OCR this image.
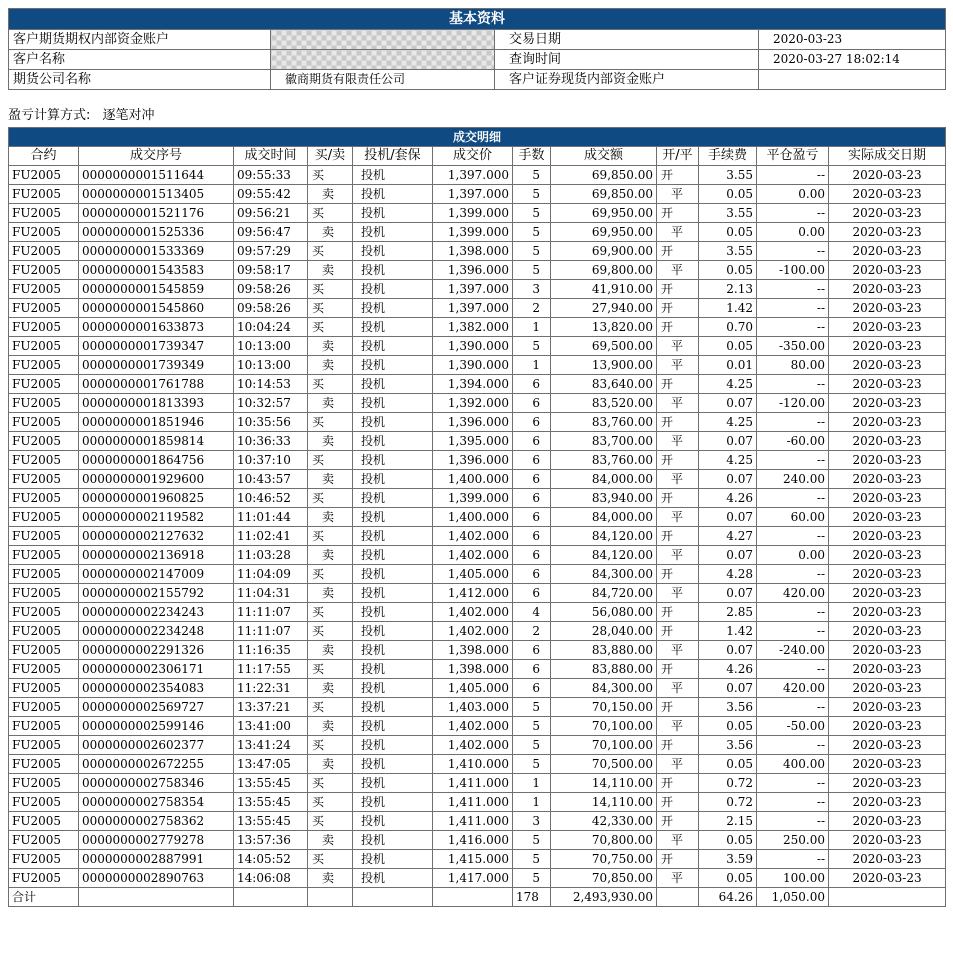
基本资料			
客户期货期权内部资金账户		交易日期	2020-03-23
客户名称		查询时间	2020-03-27 18:02:14
期货公司名称	徽商期货有限责任公司	客户证券现货内部资金账户	
盈亏计算方式: 逐笔对冲
成交明细											
合约	成交序号	成交时间	买/卖	投机/套保	成交价	手数	成交额	开/平	手续费	平仓盈亏	实际成交日期
FU2005	0000000001511644	09:55:33	买	投机	1,397.000	5	69,850.00	开	3.55	--	2020-03-23
FU2005	0000000001513405	09:55:42	卖	投机	1,397.000	5	69,850.00	平	0.05	0.00	2020-03-23
FU2005	0000000001521176	09:56:21	买	投机	1,399.000	5	69,950.00	开	3.55	--	2020-03-23
FU2005	0000000001525336	09:56:47	卖	投机	1,399.000	5	69,950.00	平	0.05	0.00	2020-03-23
FU2005	0000000001533369	09:57:29	买	投机	1,398.000	5	69,900.00	开	3.55	--	2020-03-23
FU2005	0000000001543583	09:58:17	卖	投机	1,396.000	5	69,800.00	平	0.05	-100.00	2020-03-23
FU2005	0000000001545859	09:58:26	买	投机	1,397.000	3	41,910.00	开	2.13	--	2020-03-23
FU2005	0000000001545860	09:58:26	买	投机	1,397.000	2	27,940.00	开	1.42	--	2020-03-23
FU2005	0000000001633873	10:04:24	买	投机	1,382.000	1	13,820.00	开	0.70	--	2020-03-23
FU2005	0000000001739347	10:13:00	卖	投机	1,390.000	5	69,500.00	平	0.05	-350.00	2020-03-23
FU2005	0000000001739349	10:13:00	卖	投机	1,390.000	1	13,900.00	平	0.01	80.00	2020-03-23
FU2005	0000000001761788	10:14:53	买	投机	1,394.000	6	83,640.00	开	4.25	--	2020-03-23
FU2005	0000000001813393	10:32:57	卖	投机	1,392.000	6	83,520.00	平	0.07	-120.00	2020-03-23
FU2005	0000000001851946	10:35:56	买	投机	1,396.000	6	83,760.00	开	4.25	--	2020-03-23
FU2005	0000000001859814	10:36:33	卖	投机	1,395.000	6	83,700.00	平	0.07	-60.00	2020-03-23
FU2005	0000000001864756	10:37:10	买	投机	1,396.000	6	83,760.00	开	4.25	--	2020-03-23
FU2005	0000000001929600	10:43:57	卖	投机	1,400.000	6	84,000.00	平	0.07	240.00	2020-03-23
FU2005	0000000001960825	10:46:52	买	投机	1,399.000	6	83,940.00	开	4.26	--	2020-03-23
FU2005	0000000002119582	11:01:44	卖	投机	1,400.000	6	84,000.00	平	0.07	60.00	2020-03-23
FU2005	0000000002127632	11:02:41	买	投机	1,402.000	6	84,120.00	开	4.27	--	2020-03-23
FU2005	0000000002136918	11:03:28	卖	投机	1,402.000	6	84,120.00	平	0.07	0.00	2020-03-23
FU2005	0000000002147009	11:04:09	买	投机	1,405.000	6	84,300.00	开	4.28	--	2020-03-23
FU2005	0000000002155792	11:04:31	卖	投机	1,412.000	6	84,720.00	平	0.07	420.00	2020-03-23
FU2005	0000000002234243	11:11:07	买	投机	1,402.000	4	56,080.00	开	2.85	--	2020-03-23
FU2005	0000000002234248	11:11:07	买	投机	1,402.000	2	28,040.00	开	1.42	--	2020-03-23
FU2005	0000000002291326	11:16:35	卖	投机	1,398.000	6	83,880.00	平	0.07	-240.00	2020-03-23
FU2005	0000000002306171	11:17:55	买	投机	1,398.000	6	83,880.00	开	4.26	--	2020-03-23
FU2005	0000000002354083	11:22:31	卖	投机	1,405.000	6	84,300.00	平	0.07	420.00	2020-03-23
FU2005	0000000002569727	13:37:21	买	投机	1,403.000	5	70,150.00	开	3.56	--	2020-03-23
FU2005	0000000002599146	13:41:00	卖	投机	1,402.000	5	70,100.00	平	0.05	-50.00	2020-03-23
FU2005	0000000002602377	13:41:24	买	投机	1,402.000	5	70,100.00	开	3.56	--	2020-03-23
FU2005	0000000002672255	13:47:05	卖	投机	1,410.000	5	70,500.00	平	0.05	400.00	2020-03-23
FU2005	0000000002758346	13:55:45	买	投机	1,411.000	1	14,110.00	开	0.72	--	2020-03-23
FU2005	0000000002758354	13:55:45	买	投机	1,411.000	1	14,110.00	开	0.72	--	2020-03-23
FU2005	0000000002758362	13:55:45	买	投机	1,411.000	3	42,330.00	开	2.15	--	2020-03-23
FU2005	0000000002779278	13:57:36	卖	投机	1,416.000	5	70,800.00	平	0.05	250.00	2020-03-23
FU2005	0000000002887991	14:05:52	买	投机	1,415.000	5	70,750.00	开	3.59	--	2020-03-23
FU2005	0000000002890763	14:06:08	卖	投机	1,417.000	5	70,850.00	平	0.05	100.00	2020-03-23
合计						178	2,493,930.00		64.26	1,050.00	
